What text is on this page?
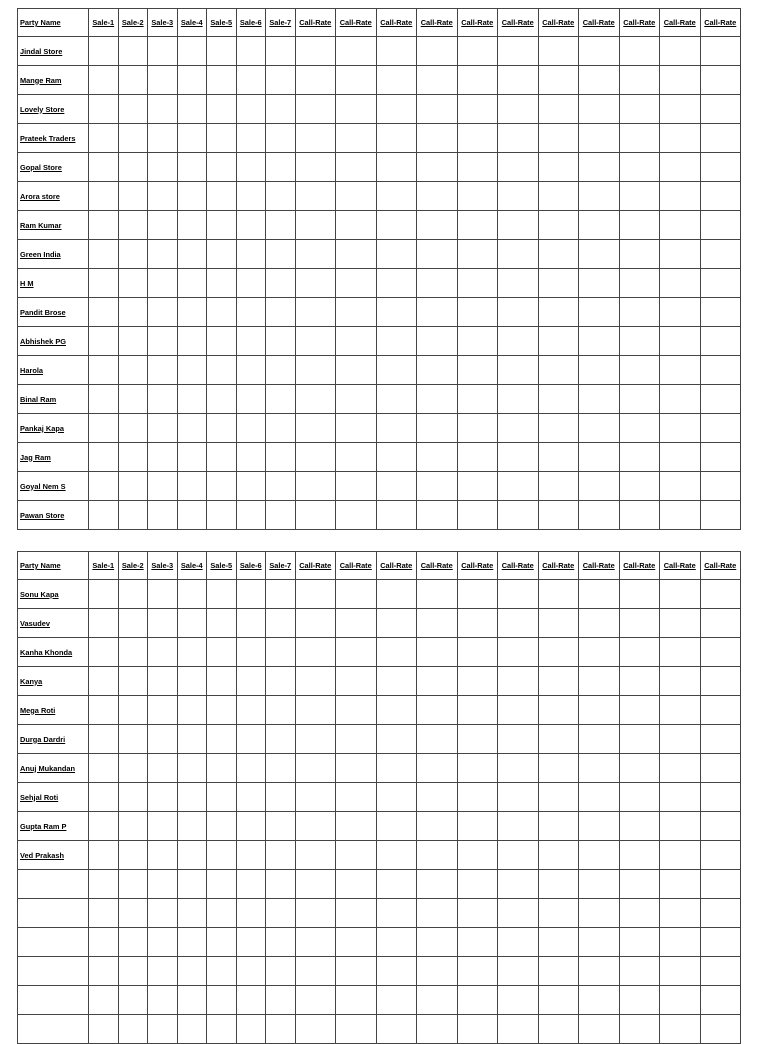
Party Name	Sale-1	Sale-2	Sale-3	Sale-4	Sale-5	Sale-6	Sale-7	Call-Rate	Call-Rate	Call-Rate	Call-Rate	Call-Rate	Call-Rate	Call-Rate	Call-Rate	Call-Rate	Call-Rate	Call-Rate
Jindal Store																		
Mange Ram																		
Lovely Store																		
Prateek Traders																		
Gopal Store																		
Arora store																		
Ram Kumar																		
Green India																		
H M																		
Pandit Brose																		
Abhishek PG																		
Harola																		
Binal Ram																		
Pankaj Kapa																		
Jag Ram																		
Goyal Nem S																		
Pawan Store																		
Party Name	Sale-1	Sale-2	Sale-3	Sale-4	Sale-5	Sale-6	Sale-7	Call-Rate	Call-Rate	Call-Rate	Call-Rate	Call-Rate	Call-Rate	Call-Rate	Call-Rate	Call-Rate	Call-Rate	Call-Rate
Sonu Kapa																		
Vasudev																		
Kanha Khonda																		
Kanya																		
Mega Roti																		
Durga Dardri																		
Anuj Mukandan																		
Sehjal Roti																		
Gupta Ram P																		
Ved Prakash																		
